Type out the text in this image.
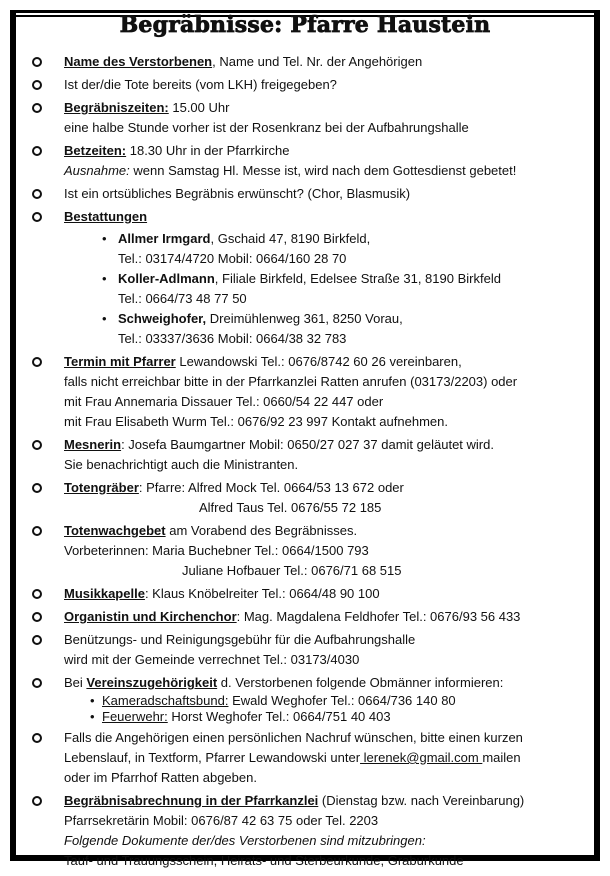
Begräbnisse: Pfarre Haustein
Name des Verstorbenen, Name und Tel. Nr. der Angehörigen
Ist der/die Tote bereits (vom LKH) freigegeben?
Begräbniszeiten: 15.00 Uhr
eine halbe Stunde vorher ist der Rosenkranz bei der Aufbahrungshalle
Betzeiten: 18.30 Uhr in der Pfarrkirche
Ausnahme: wenn Samstag Hl. Messe ist, wird nach dem Gottesdienst gebetet!
Ist ein ortsübliches Begräbnis erwünscht? (Chor, Blasmusik)
Bestattungen
• Allmer Irmgard, Gschaid 47, 8190 Birkfeld,
Tel.: 03174/4720 Mobil: 0664/160 28 70
• Koller-Adlmann, Filiale Birkfeld, Edelsee Straße 31, 8190 Birkfeld
Tel.: 0664/73 48 77 50
• Schweighofer, Dreimühlenweg 361, 8250 Vorau,
Tel.: 03337/3636 Mobil: 0664/38 32 783
Termin mit Pfarrer Lewandowski Tel.: 0676/8742 60 26 vereinbaren,
falls nicht erreichbar bitte in der Pfarrkanzlei Ratten anrufen (03173/2203) oder
mit Frau Annemaria Dissauer Tel.: 0660/54 22 447 oder
mit Frau Elisabeth Wurm Tel.: 0676/92 23 997 Kontakt aufnehmen.
Mesnerin: Josefa Baumgartner Mobil: 0650/27 027 37 damit geläutet wird.
Sie benachrichtigt auch die Ministranten.
Totengräber: Pfarre: Alfred Mock Tel. 0664/53 13 672 oder
Alfred Taus Tel. 0676/55 72 185
Totenwachgebet am Vorabend des Begräbnisses.
Vorbeterinnen: Maria Buchebner Tel.: 0664/1500 793
Juliane Hofbauer Tel.: 0676/71 68 515
Musikkapelle: Klaus Knöbelreiter Tel.: 0664/48 90 100
Organistin und Kirchenchor: Mag. Magdalena Feldhofer Tel.: 0676/93 56 433
Benützungs- und Reinigungsgebühr für die Aufbahrungshalle
wird mit der Gemeinde verrechnet Tel.: 03173/4030
Bei Vereinszugehörigkeit d. Verstorbenen folgende Obmänner informieren:
• Kameradschaftsbund: Ewald Weghofer Tel.: 0664/736 140 80
• Feuerwehr: Horst Weghofer Tel.: 0664/751 40 403
Falls die Angehörigen einen persönlichen Nachruf wünschen, bitte einen kurzen
Lebenslauf, in Textform, Pfarrer Lewandowski unter lerenek@gmail.com mailen
oder im Pfarrhof Ratten abgeben.
Begräbnisabrechnung in der Pfarrkanzlei (Dienstag bzw. nach Vereinbarung)
Pfarrsekretärin Mobil: 0676/87 42 63 75 oder Tel. 2203
Folgende Dokumente der/des Verstorbenen sind mitzubringen:
Tauf- und Trauungsschein, Heirats- und Sterbeurkunde, Graburkunde
